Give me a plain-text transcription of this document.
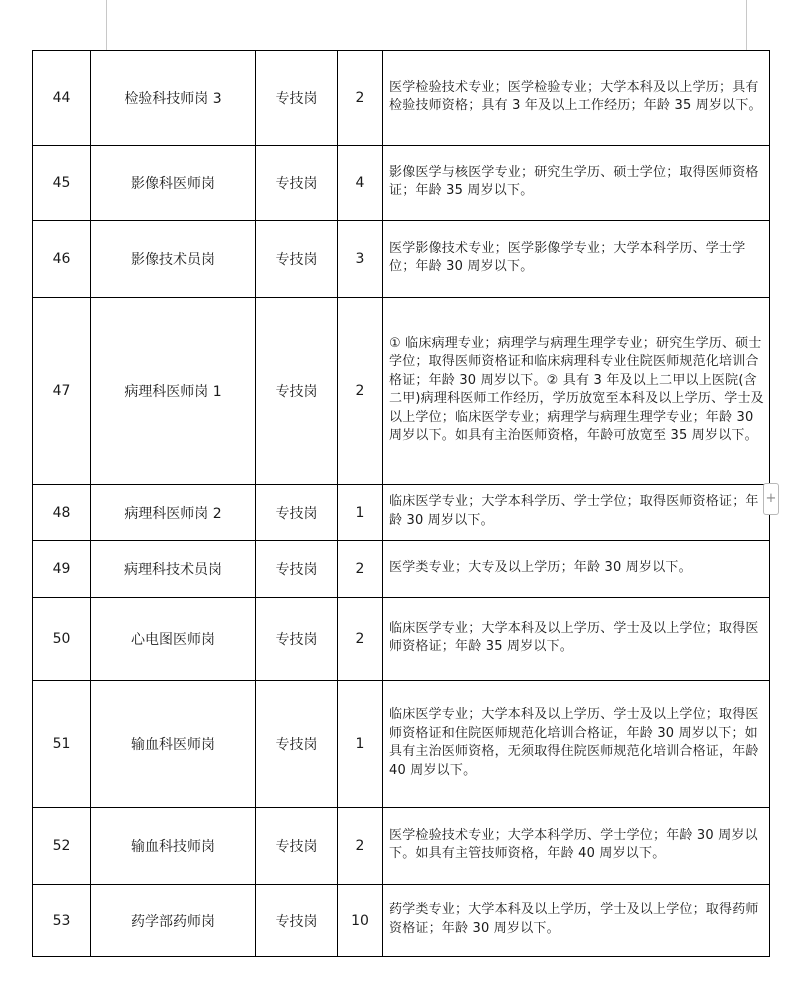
44	检验科技师岗 3	专技岗	2	医学检验技术专业；医学检验专业；大学本科及以上学历；具有检验技师资格；具有 3 年及以上工作经历；年龄 35 周岁以下。
45	影像科医师岗	专技岗	4	影像医学与核医学专业；研究生学历、硕士学位；取得医师资格证；年龄 35 周岁以下。
46	影像技术员岗	专技岗	3	医学影像技术专业；医学影像学专业；大学本科学历、学士学位；年龄 30 周岁以下。
47	病理科医师岗 1	专技岗	2	① 临床病理专业；病理学与病理生理学专业；研究生学历、硕士学位；取得医师资格证和临床病理科专业住院医师规范化培训合格证；年龄 30 周岁以下。② 具有 3 年及以上二甲以上医院(含二甲)病理科医师工作经历，学历放宽至本科及以上学历、学士及以上学位；临床医学专业；病理学与病理生理学专业；年龄 30 周岁以下。如具有主治医师资格，年龄可放宽至 35 周岁以下。
48	病理科医师岗 2	专技岗	1	临床医学专业；大学本科学历、学士学位；取得医师资格证；年龄 30 周岁以下。
49	病理科技术员岗	专技岗	2	医学类专业；大专及以上学历；年龄 30 周岁以下。
50	心电图医师岗	专技岗	2	临床医学专业；大学本科及以上学历、学士及以上学位；取得医师资格证；年龄 35 周岁以下。
51	输血科医师岗	专技岗	1	临床医学专业；大学本科及以上学历、学士及以上学位；取得医师资格证和住院医师规范化培训合格证，年龄 30 周岁以下；如具有主治医师资格，无须取得住院医师规范化培训合格证，年龄 40 周岁以下。
52	输血科技师岗	专技岗	2	医学检验技术专业；大学本科学历、学士学位；年龄 30 周岁以下。如具有主管技师资格，年龄 40 周岁以下。
53	药学部药师岗	专技岗	10	药学类专业；大学本科及以上学历，学士及以上学位；取得药师资格证；年龄 30 周岁以下。
+
